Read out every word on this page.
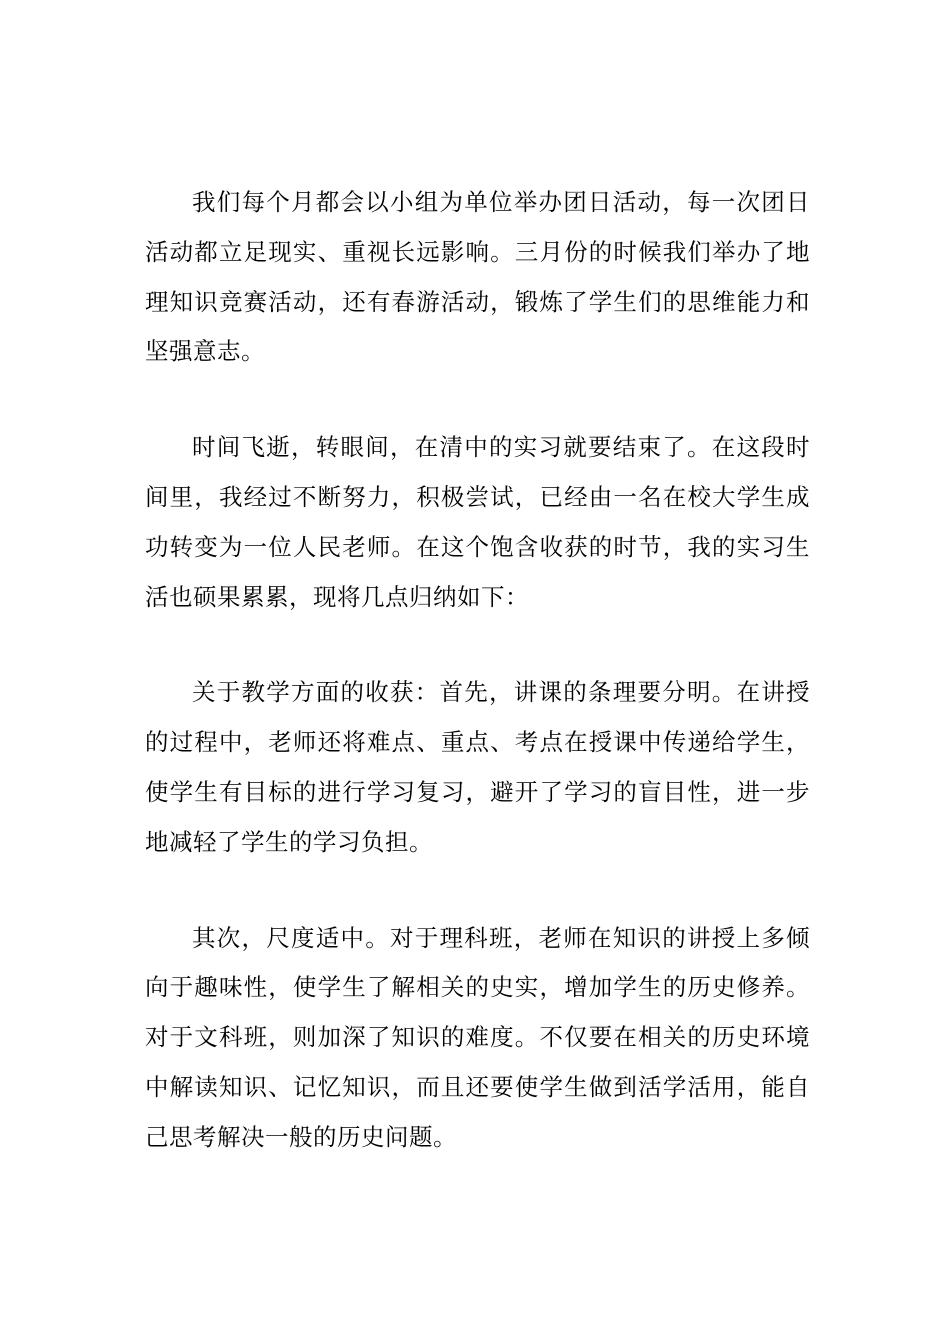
我们每个月都会以小组为单位举办团日活动，每一次团日活动都立足现实、重视长远影响。三月份的时候我们举办了地理知识竞赛活动，还有春游活动，锻炼了学生们的思维能力和坚强意志。

时间飞逝，转眼间，在清中的实习就要结束了。在这段时间里，我经过不断努力，积极尝试，已经由一名在校大学生成功转变为一位人民老师。在这个饱含收获的时节，我的实习生活也硕果累累，现将几点归纳如下：

关于教学方面的收获：首先，讲课的条理要分明。在讲授的过程中，老师还将难点、重点、考点在授课中传递给学生，使学生有目标的进行学习复习，避开了学习的盲目性，进一步地减轻了学生的学习负担。

其次，尺度适中。对于理科班，老师在知识的讲授上多倾向于趣味性，使学生了解相关的史实，增加学生的历史修养。对于文科班，则加深了知识的难度。不仅要在相关的历史环境中解读知识、记忆知识，而且还要使学生做到活学活用，能自己思考解决一般的历史问题。
